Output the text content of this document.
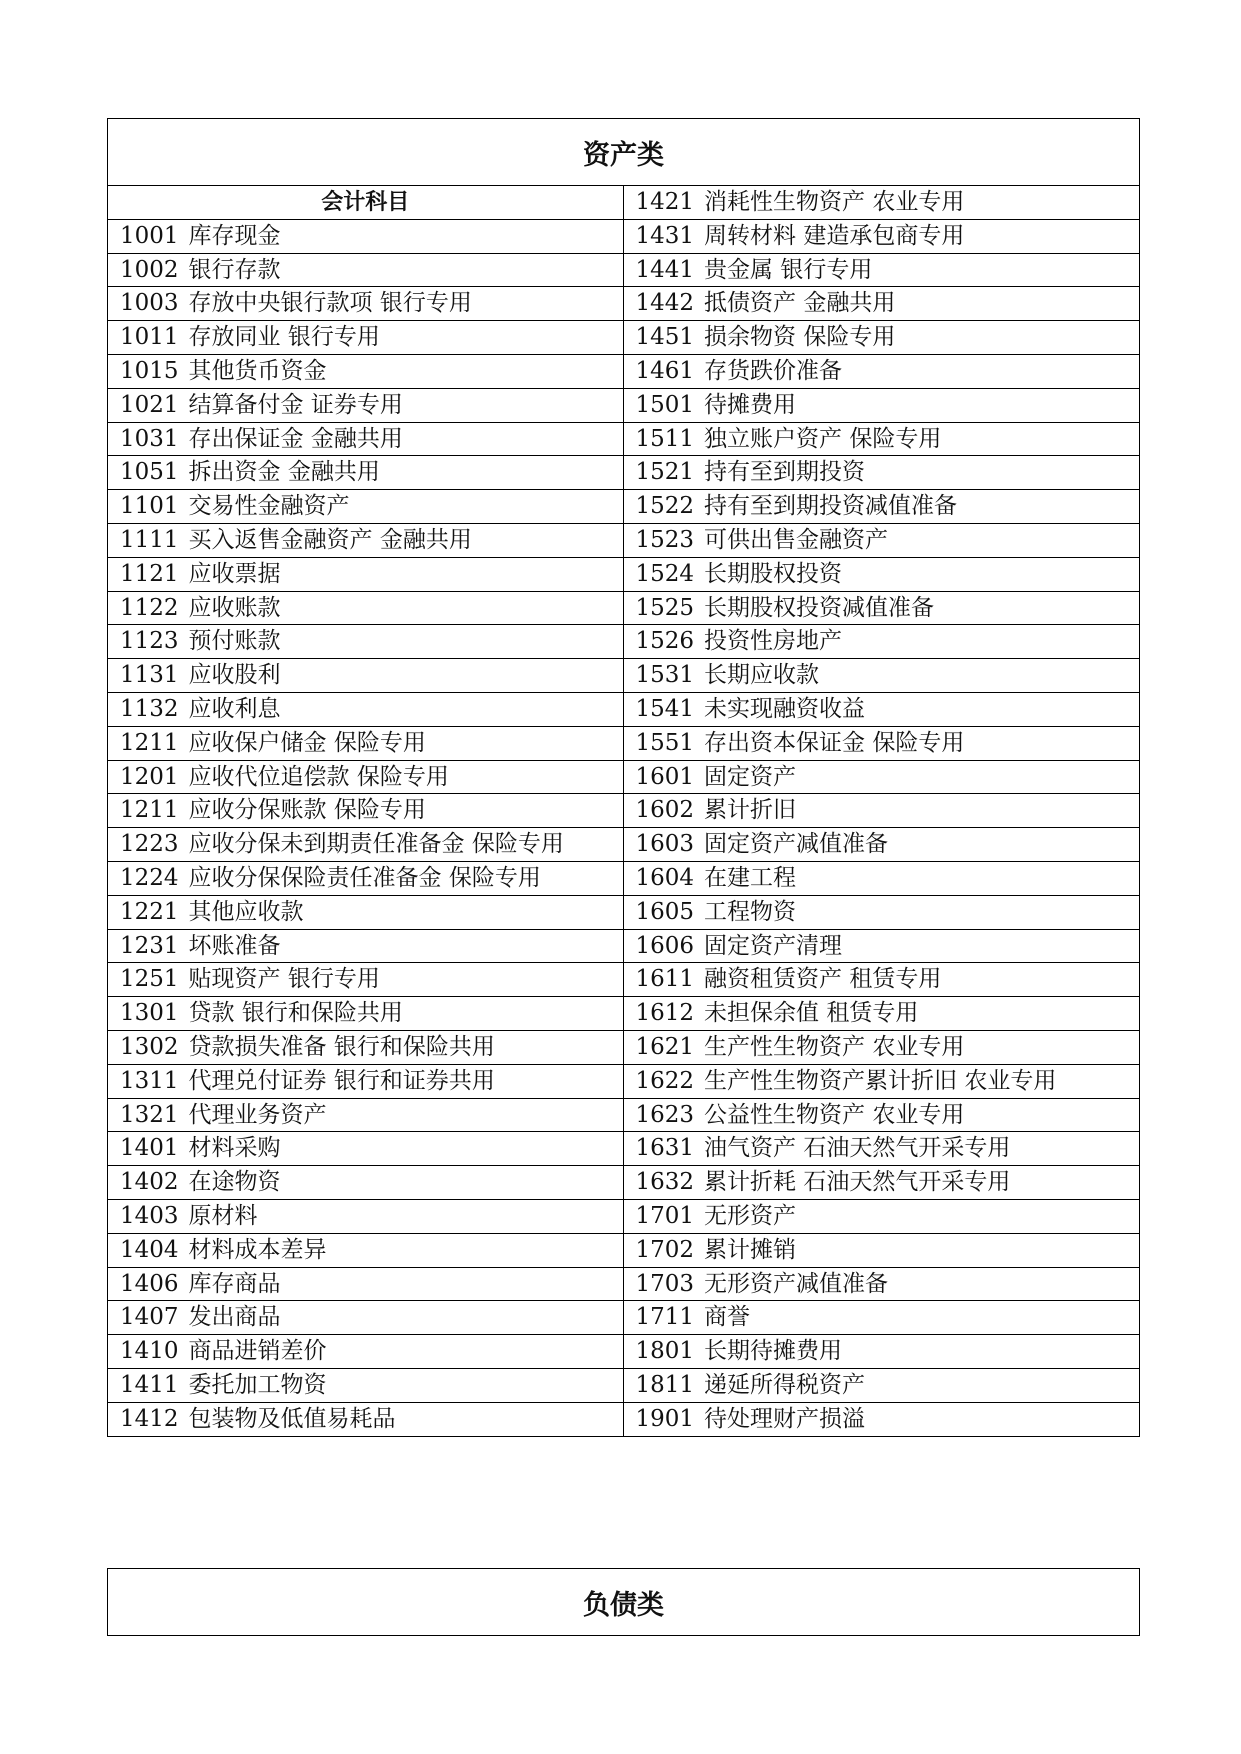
资产类
会计科目
1001 库存现金
1002 银行存款
1003 存放中央银行款项 银行专用
1011 存放同业 银行专用
1015 其他货币资金
1021 结算备付金 证券专用
1031 存出保证金 金融共用
1051 拆出资金 金融共用
1101 交易性金融资产
1111 买入返售金融资产 金融共用
1121 应收票据
1122 应收账款
1123 预付账款
1131 应收股利
1132 应收利息
1211 应收保户储金 保险专用
1201 应收代位追偿款 保险专用
1211 应收分保账款 保险专用
1223 应收分保未到期责任准备金 保险专用
1224 应收分保保险责任准备金 保险专用
1221 其他应收款
1231 坏账准备
1251 贴现资产 银行专用
1301 贷款 银行和保险共用
1302 贷款损失准备 银行和保险共用
1311 代理兑付证券 银行和证券共用
1321 代理业务资产
1401 材料采购
1402 在途物资
1403 原材料
1404 材料成本差异
1406 库存商品
1407 发出商品
1410 商品进销差价
1411 委托加工物资
1412 包装物及低值易耗品
1421 消耗性生物资产 农业专用
1431 周转材料 建造承包商专用
1441 贵金属 银行专用
1442 抵债资产 金融共用
1451 损余物资 保险专用
1461 存货跌价准备
1501 待摊费用
1511 独立账户资产 保险专用
1521 持有至到期投资
1522 持有至到期投资减值准备
1523 可供出售金融资产
1524 长期股权投资
1525 长期股权投资减值准备
1526 投资性房地产
1531 长期应收款
1541 未实现融资收益
1551 存出资本保证金 保险专用
1601 固定资产
1602 累计折旧
1603 固定资产减值准备
1604 在建工程
1605 工程物资
1606 固定资产清理
1611 融资租赁资产 租赁专用
1612 未担保余值 租赁专用
1621 生产性生物资产 农业专用
1622 生产性生物资产累计折旧 农业专用
1623 公益性生物资产 农业专用
1631 油气资产 石油天然气开采专用
1632 累计折耗 石油天然气开采专用
1701 无形资产
1702 累计摊销
1703 无形资产减值准备
1711 商誉
1801 长期待摊费用
1811 递延所得税资产
1901 待处理财产损溢
负债类
